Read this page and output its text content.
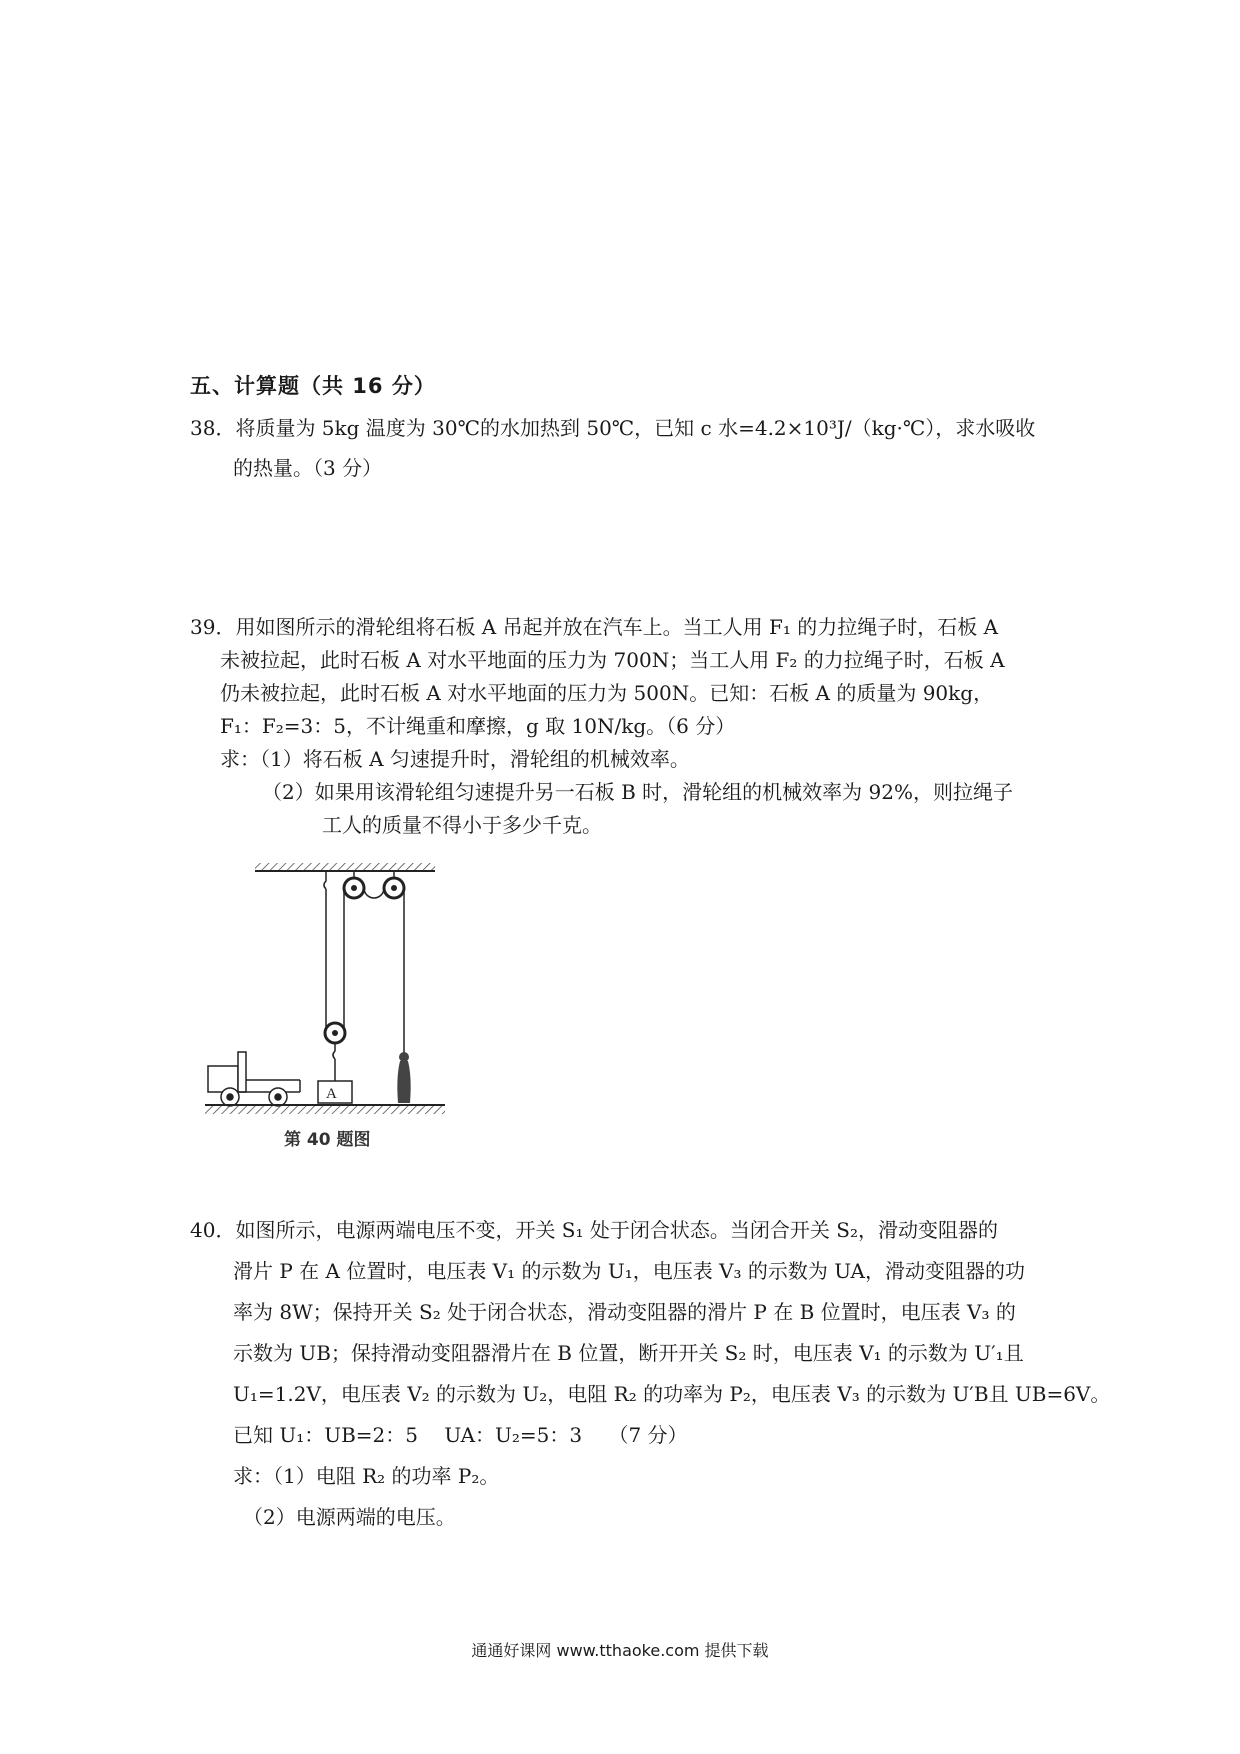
五、计算题（共 16 分）
38．将质量为 5kg 温度为 30℃的水加热到 50℃，已知 c 水=4.2×10³J/（kg·℃），求水吸收
的热量。（3 分）
39．用如图所示的滑轮组将石板 A 吊起并放在汽车上。当工人用 F₁ 的力拉绳子时，石板 A
未被拉起，此时石板 A 对水平地面的压力为 700N；当工人用 F₂ 的力拉绳子时，石板 A
仍未被拉起，此时石板 A 对水平地面的压力为 500N。已知：石板 A 的质量为 90kg，
F₁：F₂=3：5，不计绳重和摩擦，g 取 10N/kg。（6 分）
求：（1）将石板 A 匀速提升时，滑轮组的机械效率。
（2）如果用该滑轮组匀速提升另一石板 B 时，滑轮组的机械效率为 92%，则拉绳子
工人的质量不得小于多少千克。
A
第 40 题图
40．如图所示，电源两端电压不变，开关 S₁ 处于闭合状态。当闭合开关 S₂，滑动变阻器的
滑片 P 在 A 位置时，电压表 V₁ 的示数为 U₁，电压表 V₃ 的示数为 UA，滑动变阻器的功
率为 8W；保持开关 S₂ 处于闭合状态，滑动变阻器的滑片 P 在 B 位置时，电压表 V₃ 的
示数为 UB；保持滑动变阻器滑片在 B 位置，断开开关 S₂ 时，电压表 V₁ 的示数为 U′₁且
U₁=1.2V，电压表 V₂ 的示数为 U₂，电阻 R₂ 的功率为 P₂，电压表 V₃ 的示数为 U′B且 UB=6V。
已知 U₁：UB=2：5　 UA：U₂=5：3　 （7 分）
求：（1）电阻 R₂ 的功率 P₂。
（2）电源两端的电压。
通通好课网 www.tthaoke.com 提供下载
